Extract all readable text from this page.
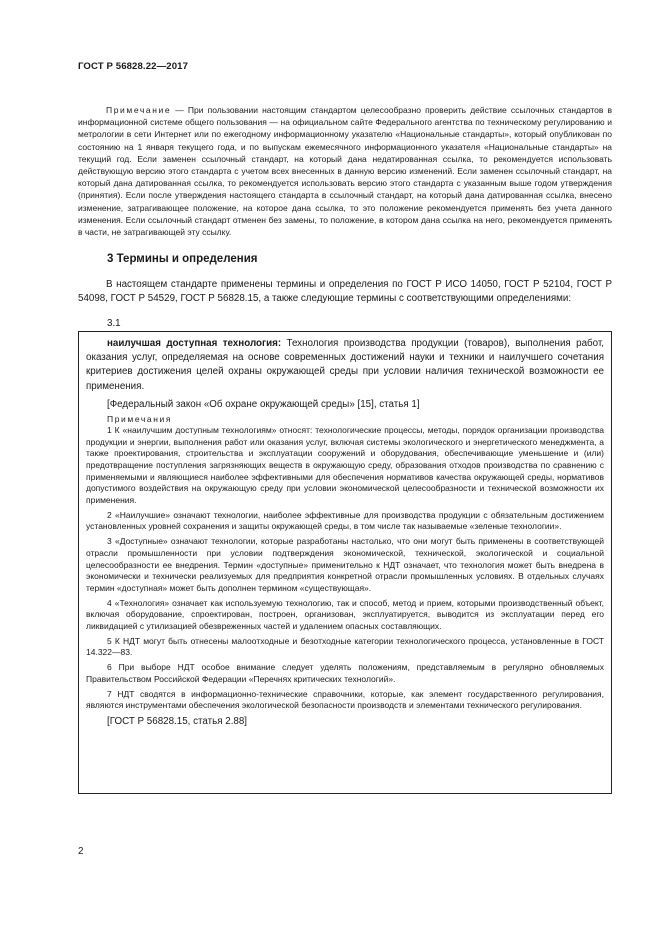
ГОСТ Р 56828.22—2017

Примечание — При пользовании настоящим стандартом целесообразно проверить действие ссылочных стандартов в информационной системе общего пользования — на официальном сайте Федерального агентства по техническому регулированию и метрологии в сети Интернет или по ежегодному информационному указателю «Национальные стандарты», который опубликован по состоянию на 1 января текущего года, и по выпускам ежемесячного информационного указателя «Национальные стандарты» на текущий год. Если заменен ссылочный стандарт, на который дана недатированная ссылка, то рекомендуется использовать действующую версию этого стандарта с учетом всех внесенных в данную версию изменений. Если заменен ссылочный стандарт, на который дана датированная ссылка, то рекомендуется использовать версию этого стандарта с указанным выше годом утверждения (принятия). Если после утверждения настоящего стандарта в ссылочный стандарт, на который дана датированная ссылка, внесено изменение, затрагивающее положение, на которое дана ссылка, то это положение рекомендуется применять без учета данного изменения. Если ссылочный стандарт отменен без замены, то положение, в котором дана ссылка на него, рекомендуется применять в части, не затрагивающей эту ссылку.

3 Термины и определения

В настоящем стандарте применены термины и определения по ГОСТ Р ИСО 14050, ГОСТ Р 52104, ГОСТ Р 54098, ГОСТ Р 54529, ГОСТ Р 56828.15, а также следующие термины с соответствующими определениями:

3.1

наилучшая доступная технология: Технология производства продукции (товаров), выполнения работ, оказания услуг, определяемая на основе современных достижений науки и техники и наилучшего сочетания критериев достижения целей охраны окружающей среды при условии наличия технической возможности ее применения.

[Федеральный закон «Об охране окружающей среды» [15], статья 1]

Примечания

1 К «наилучшим доступным технологиям» относят: технологические процессы, методы, порядок организации производства продукции и энергии, выполнения работ или оказания услуг, включая системы экологического и энергетического менеджмента, а также проектирования, строительства и эксплуатации сооружений и оборудования, обеспечивающие уменьшение и (или) предотвращение поступления загрязняющих веществ в окружающую среду, образования отходов производства по сравнению с применяемыми и являющиеся наиболее эффективными для обеспечения нормативов качества окружающей среды, нормативов допустимого воздействия на окружающую среду при условии экономической целесообразности и технической возможности их применения.

2 «Наилучшие» означают технологии, наиболее эффективные для производства продукции с обязательным достижением установленных уровней сохранения и защиты окружающей среды, в том числе так называемые «зеленые технологии».

3 «Доступные» означают технологии, которые разработаны настолько, что они могут быть применены в соответствующей отрасли промышленности при условии подтверждения экономической, технической, экологической и социальной целесообразности ее внедрения. Термин «доступные» применительно к НДТ означает, что технология может быть внедрена в экономически и технически реализуемых для предприятия конкретной отрасли промышленных условиях. В отдельных случаях термин «доступная» может быть дополнен термином «существующая».

4 «Технология» означает как используемую технологию, так и способ, метод и прием, которыми производственный объект, включая оборудование, спроектирован, построен, организован, эксплуатируется, выводится из эксплуатации перед его ликвидацией с утилизацией обезвреженных частей и удалением опасных составляющих.

5 К НДТ могут быть отнесены малоотходные и безотходные категории технологического процесса, установленные в ГОСТ 14.322—83.

6 При выборе НДТ особое внимание следует уделять положениям, представляемым в регулярно обновляемых Правительством Российской Федерации «Перечнях критических технологий».

7 НДТ сводятся в информационно-технические справочники, которые, как элемент государственного регулирования, являются инструментами обеспечения экологической безопасности производств и элементами технического регулирования.

[ГОСТ Р 56828.15, статья 2.88]

2
